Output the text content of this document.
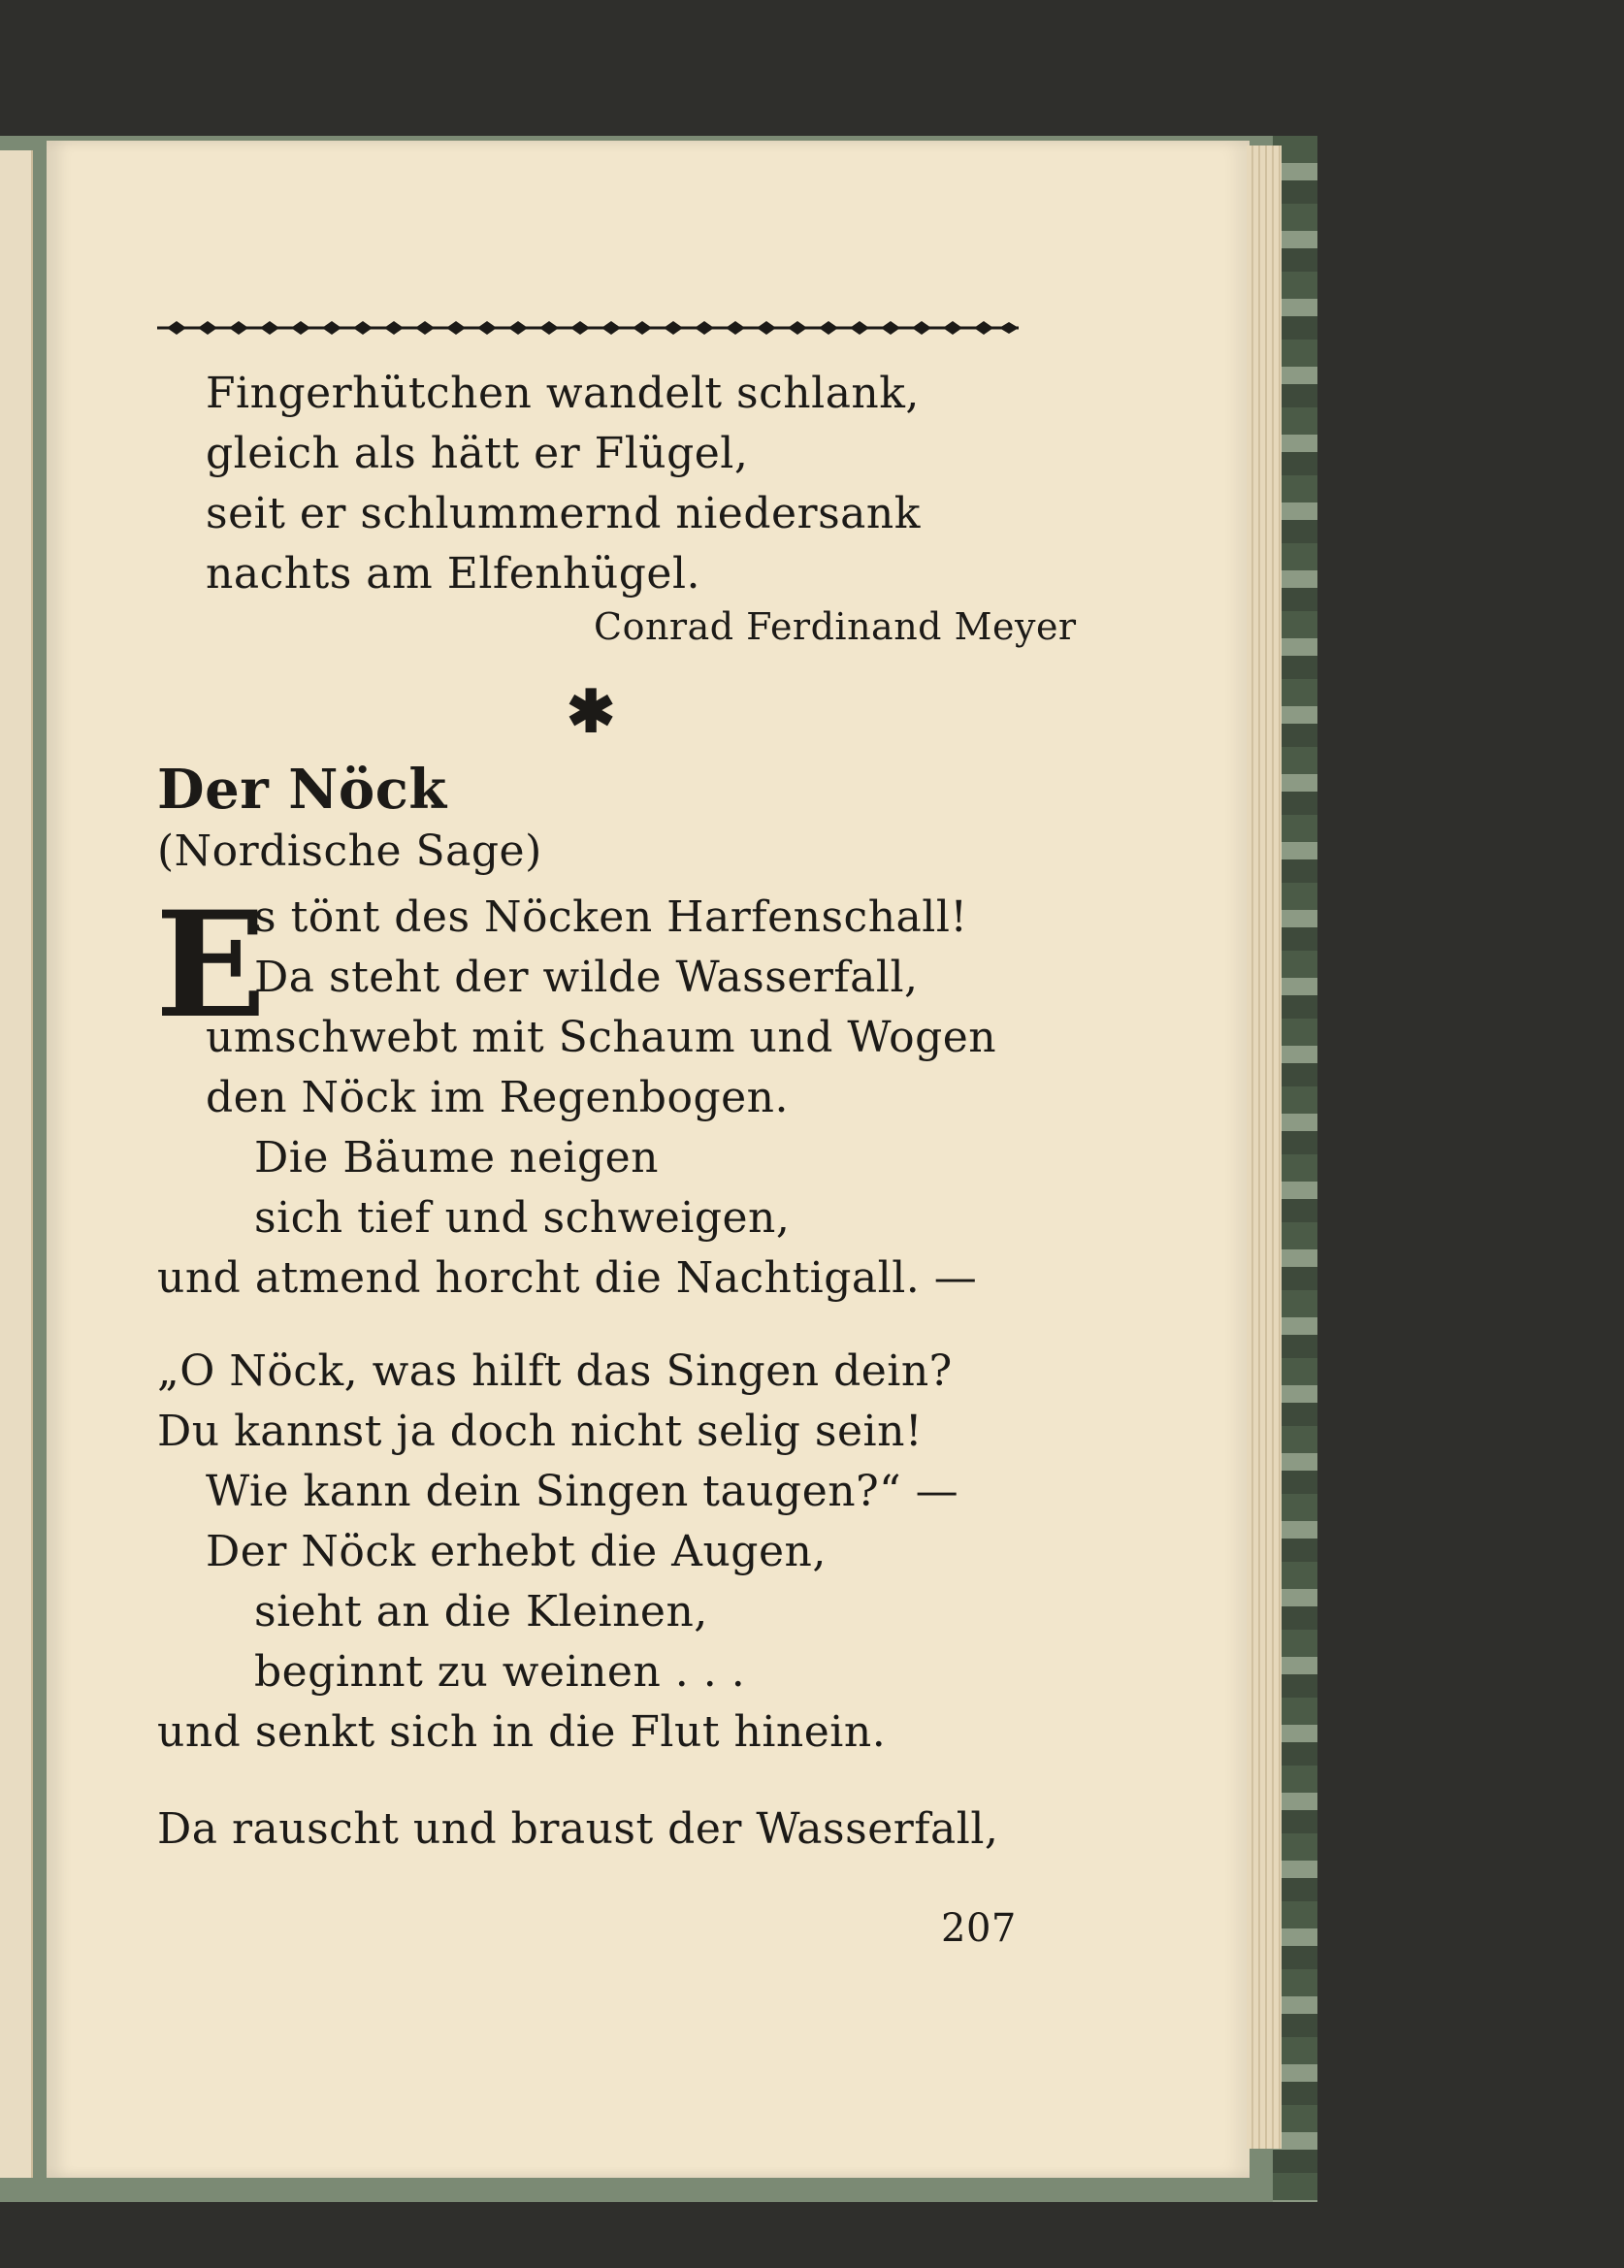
Fingerhütchen wandelt schlank,

gleich als hätt er Flügel,

seit er schlummernd niedersank

nachts am Elfenhügel.

Conrad Ferdinand Meyer

✱

Der Nöck

(Nordische Sage)

E

s tönt des Nöcken Harfenschall!

Da steht der wilde Wasserfall,

umschwebt mit Schaum und Wogen

den Nöck im Regenbogen.

Die Bäume neigen

sich tief und schweigen,

und atmend horcht die Nachtigall. —

„O Nöck, was hilft das Singen dein?

Du kannst ja doch nicht selig sein!

Wie kann dein Singen taugen?“ —

Der Nöck erhebt die Augen,

sieht an die Kleinen,

beginnt zu weinen . . .

und senkt sich in die Flut hinein.

Da rauscht und braust der Wasserfall,

207
